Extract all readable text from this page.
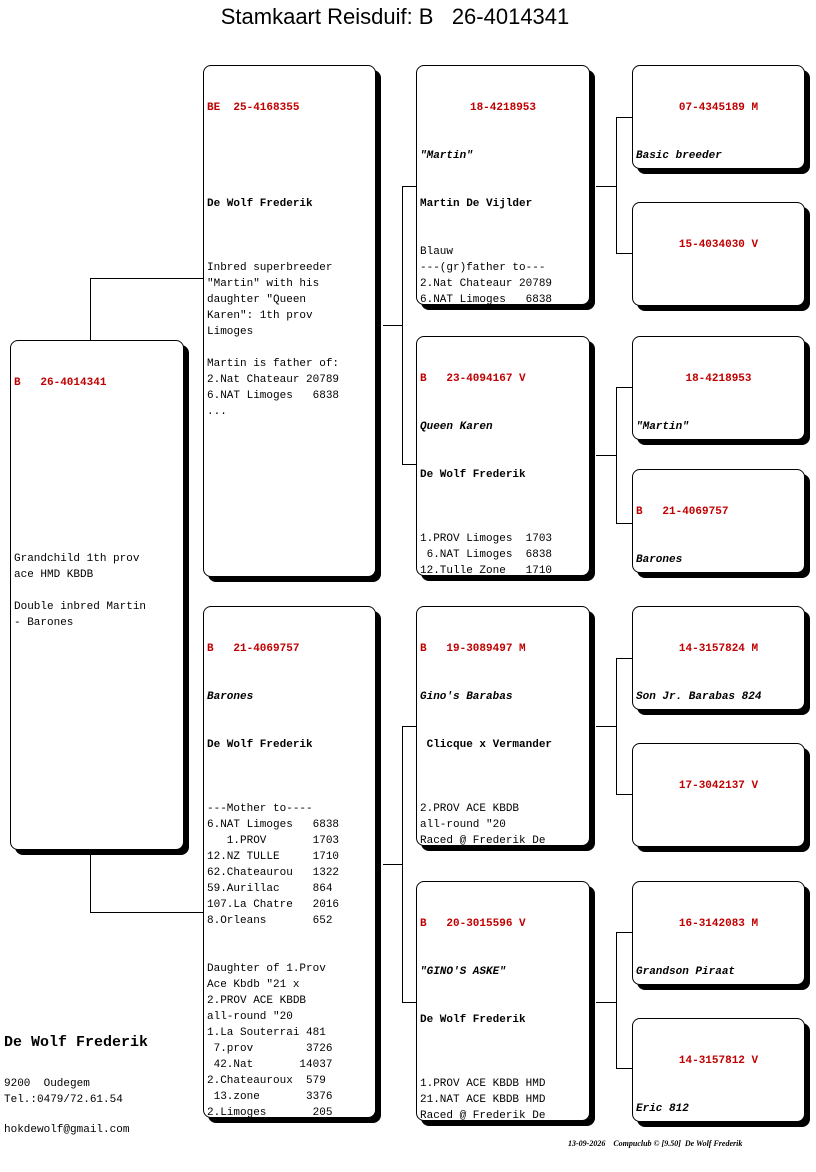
Stamkaart Reisduif: B   26-4014341

B   26-4014341

Grandchild 1th prov
ace HMD KBDB

Double inbred Martin
- Barones

BE  25-4168355

De Wolf Frederik

Inbred superbreeder
"Martin" with his
daughter "Queen
Karen": 1th prov
Limoges

Martin is father of:
2.Nat Chateaur 20789
6.NAT Limoges   6838
...

B   21-4069757

Barones

De Wolf Frederik

---Mother to----
6.NAT Limoges   6838
1.PROV       1703
12.NZ TULLE     1710
62.Chateaurou   1322
59.Aurillac     864
107.La Chatre   2016
8.Orleans       652

Daughter of 1.Prov
Ace Kbdb "21 x
2.PROV ACE KBDB
all-round "20
1.La Souterrai 481
7.prov        3726
42.Nat       14037
2.Chateauroux  579
13.zone       3376
2.Limoges       205

18-4218953

"Martin"

Martin De Vijlder

Blauw
---(gr)father to---
2.Nat Chateaur 20789
6.NAT Limoges   6838

B   23-4094167 V

Queen Karen

De Wolf Frederik

1.PROV Limoges  1703
6.NAT Limoges  6838
12.Tulle Zone   1710

B   19-3089497 M

Gino's Barabas

Clicque x Vermander

2.PROV ACE KBDB
all-round "20
Raced @ Frederik De

B   20-3015596 V

"GINO'S ASKE"

De Wolf Frederik

1.PROV ACE KBDB HMD
21.NAT ACE KBDB HMD
Raced @ Frederik De

07-4345189 M

Basic breeder

15-4034030 V

18-4218953

"Martin"

B   21-4069757

Barones

14-3157824 M

Son Jr. Barabas 824

17-3042137 V

16-3142083 M

Grandson Piraat

14-3157812 V

Eric 812

De Wolf Frederik
9200  Oudegem
Tel.:0479/72.61.54
hokdewolf@gmail.com
13-09-2026    Compuclub © [9.50]  De Wolf Frederik
